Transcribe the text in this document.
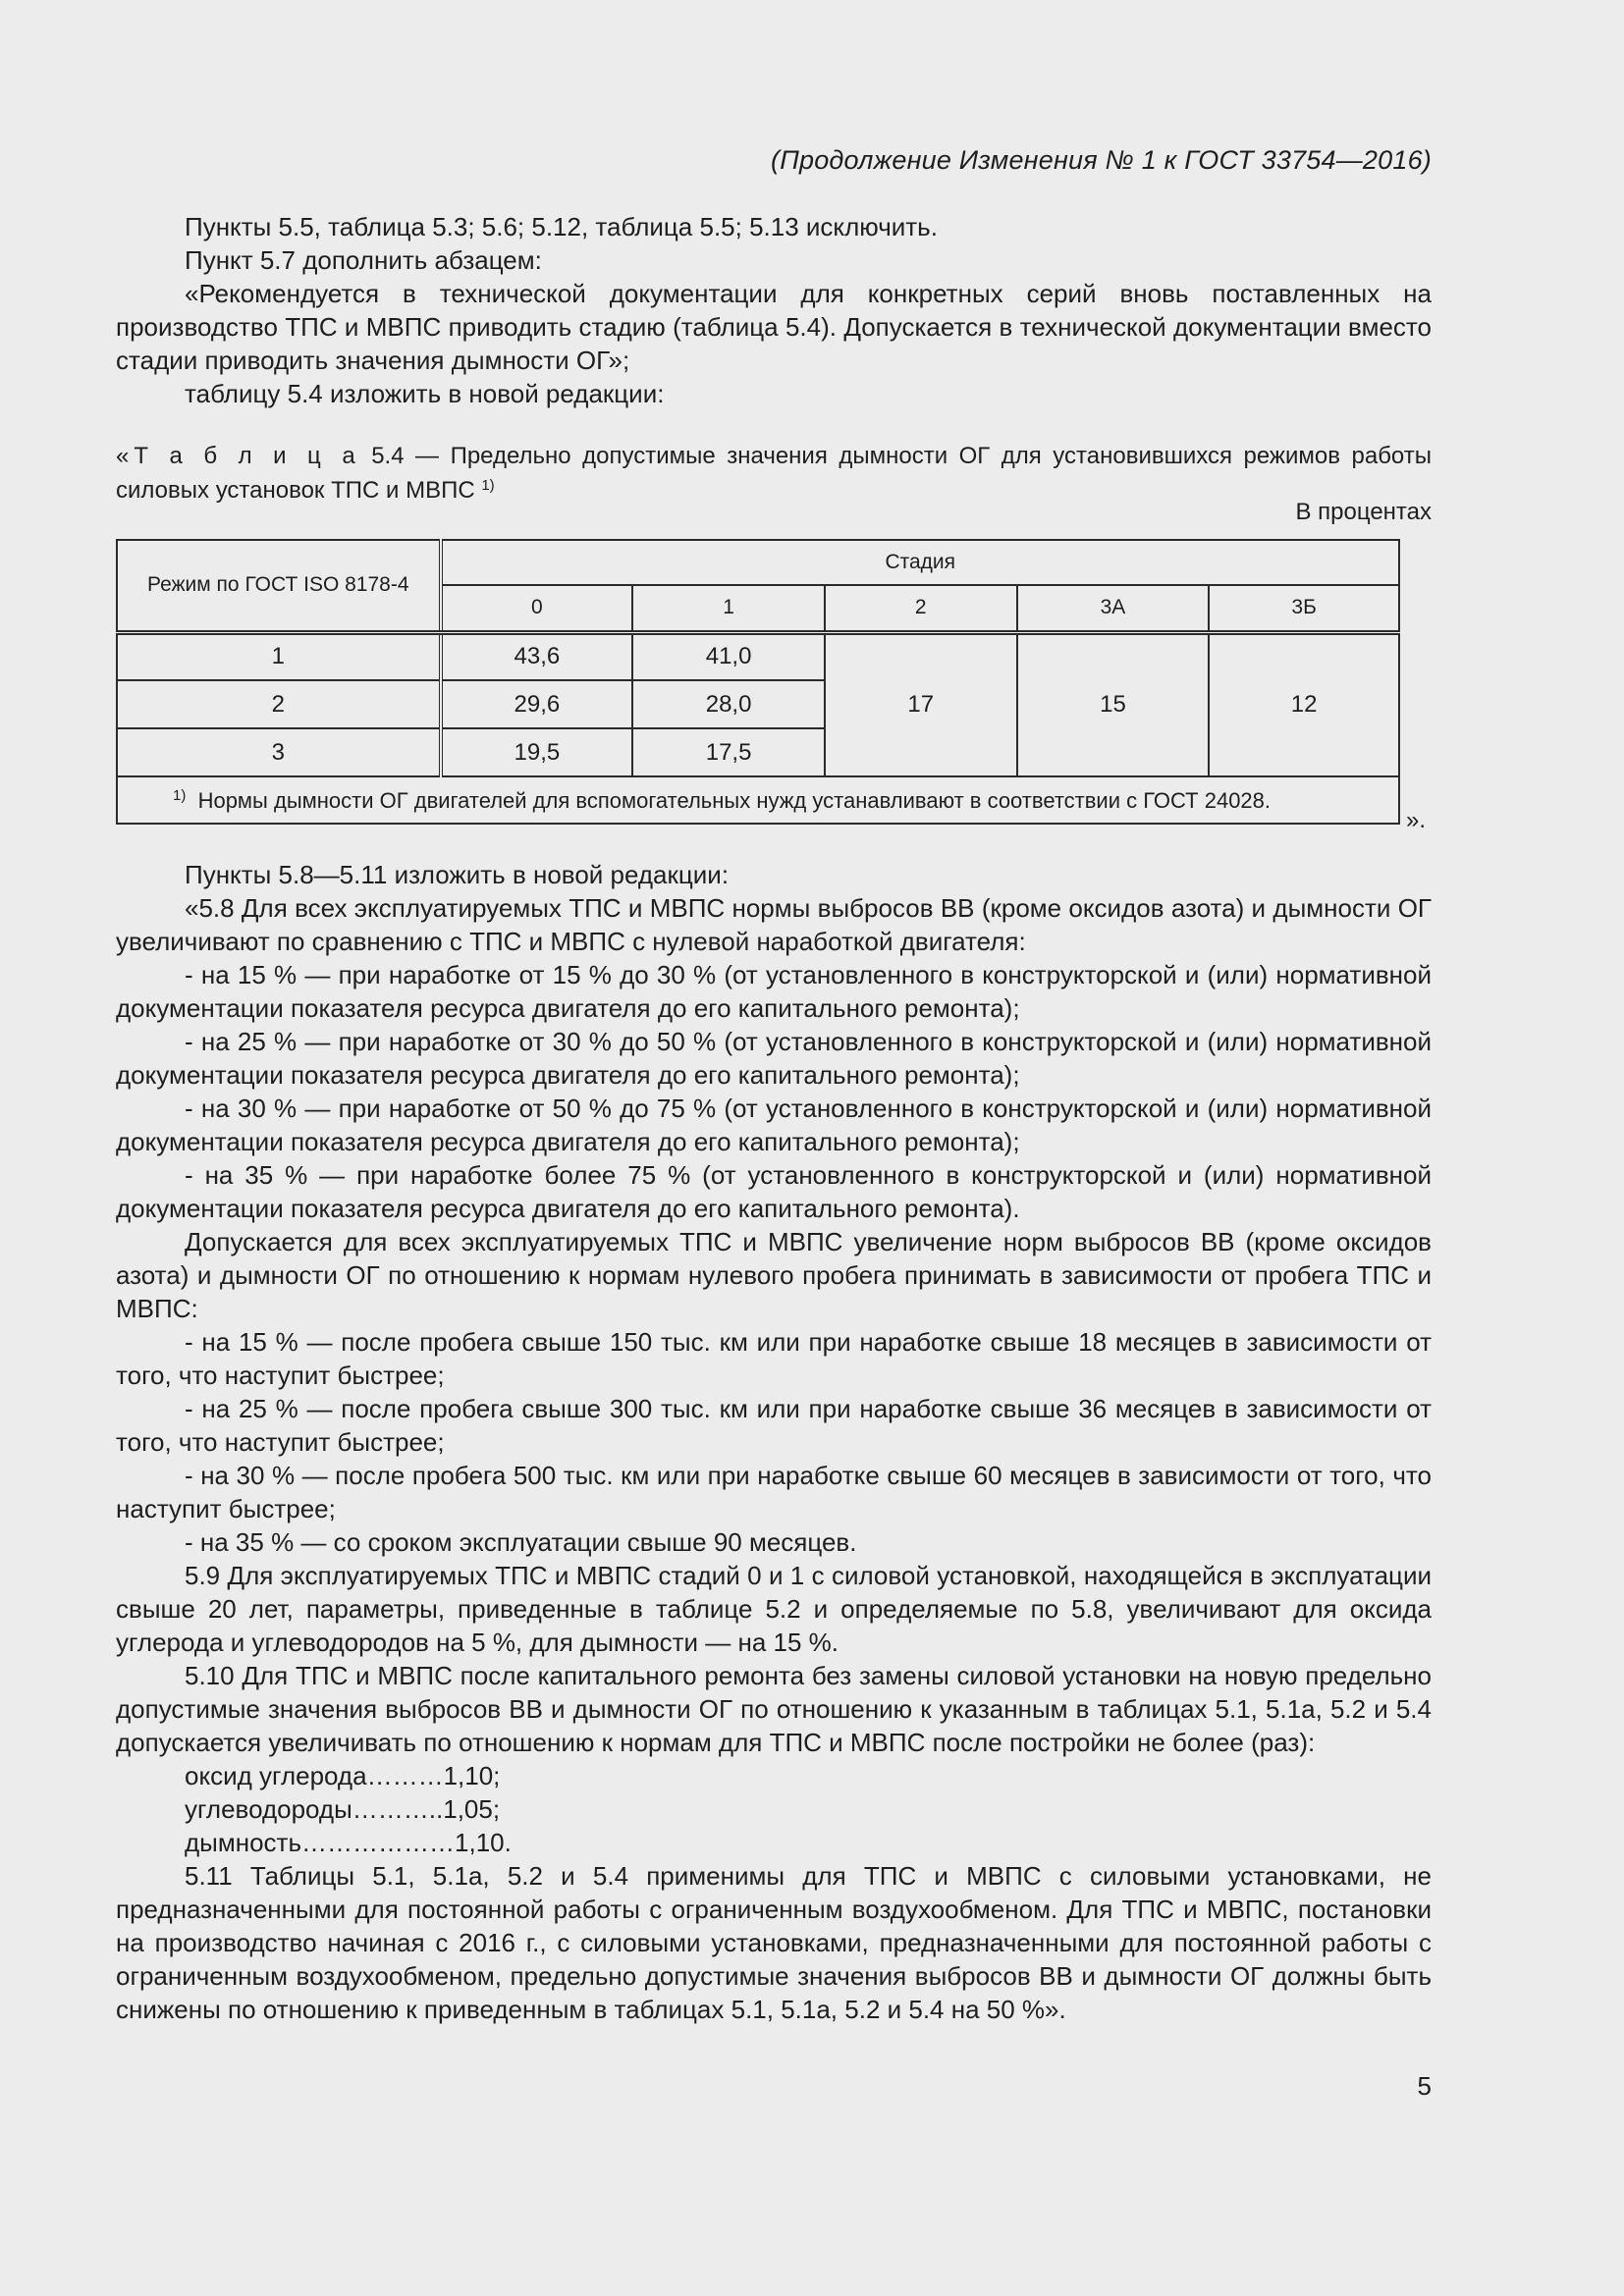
(Продолжение Изменения № 1 к ГОСТ 33754—2016)

Пункты 5.5, таблица 5.3; 5.6; 5.12, таблица 5.5; 5.13 исключить.

Пункт 5.7 дополнить абзацем:

«Рекомендуется в технической документации для конкретных серий вновь поставленных на производство ТПС и МВПС приводить стадию (таблица 5.4). Допускается в технической документации вместо стадии приводить значения дымности ОГ»;

таблицу 5.4 изложить в новой редакции:

«Т а б л и ц а 5.4 — Предельно допустимые значения дымности ОГ для установившихся режимов работы силовых установок ТПС и МВПС $^{1)}$
В процентах
Режим по ГОСТ ISO 8178-4	Стадия				
	0	1	2	3А	3Б
1	43,6	41,0	17	15	12
2	29,6	28,0			
3	19,5	17,5			
$^{1)}$ Нормы дымности ОГ двигателей для вспомогательных нужд устанавливают в соответствии с ГОСТ 24028.					
».

Пункты 5.8—5.11 изложить в новой редакции:

«5.8 Для всех эксплуатируемых ТПС и МВПС нормы выбросов ВВ (кроме оксидов азота) и дымности ОГ увеличивают по сравнению с ТПС и МВПС с нулевой наработкой двигателя:

- на 15 % — при наработке от 15 % до 30 % (от установленного в конструкторской и (или) нормативной документации показателя ресурса двигателя до его капитального ремонта);

- на 25 % — при наработке от 30 % до 50 % (от установленного в конструкторской и (или) нормативной документации показателя ресурса двигателя до его капитального ремонта);

- на 30 % — при наработке от 50 % до 75 % (от установленного в конструкторской и (или) нормативной документации показателя ресурса двигателя до его капитального ремонта);

- на 35 % — при наработке более 75 % (от установленного в конструкторской и (или) нормативной документации показателя ресурса двигателя до его капитального ремонта).

Допускается для всех эксплуатируемых ТПС и МВПС увеличение норм выбросов ВВ (кроме оксидов азота) и дымности ОГ по отношению к нормам нулевого пробега принимать в зависимости от пробега ТПС и МВПС:

- на 15 % — после пробега свыше 150 тыс. км или при наработке свыше 18 месяцев в зависимости от того, что наступит быстрее;

- на 25 % — после пробега свыше 300 тыс. км или при наработке свыше 36 месяцев в зависимости от того, что наступит быстрее;

- на 30 % — после пробега 500 тыс. км или при наработке свыше 60 месяцев в зависимости от того, что наступит быстрее;

- на 35 % — со сроком эксплуатации свыше 90 месяцев.

5.9 Для эксплуатируемых ТПС и МВПС стадий 0 и 1 с силовой установкой, находящейся в эксплуатации свыше 20 лет, параметры, приведенные в таблице 5.2 и определяемые по 5.8, увеличивают для оксида углерода и углеводородов на 5 %, для дымности — на 15 %.

5.10 Для ТПС и МВПС после капитального ремонта без замены силовой установки на новую предельно допустимые значения выбросов ВВ и дымности ОГ по отношению к указанным в таблицах 5.1, 5.1а, 5.2 и 5.4 допускается увеличивать по отношению к нормам для ТПС и МВПС после постройки не более (раз):

оксид углерода………1,10;

углеводороды………..1,05;

дымность………………1,10.

5.11 Таблицы 5.1, 5.1а, 5.2 и 5.4 применимы для ТПС и МВПС с силовыми установками, не предназначенными для постоянной работы с ограниченным воздухообменом. Для ТПС и МВПС, постановки на производство начиная с 2016 г., с силовыми установками, предназначенными для постоянной работы с ограниченным воздухообменом, предельно допустимые значения выбросов ВВ и дымности ОГ должны быть снижены по отношению к приведенным в таблицах 5.1, 5.1а, 5.2 и 5.4 на 50 %».

5
